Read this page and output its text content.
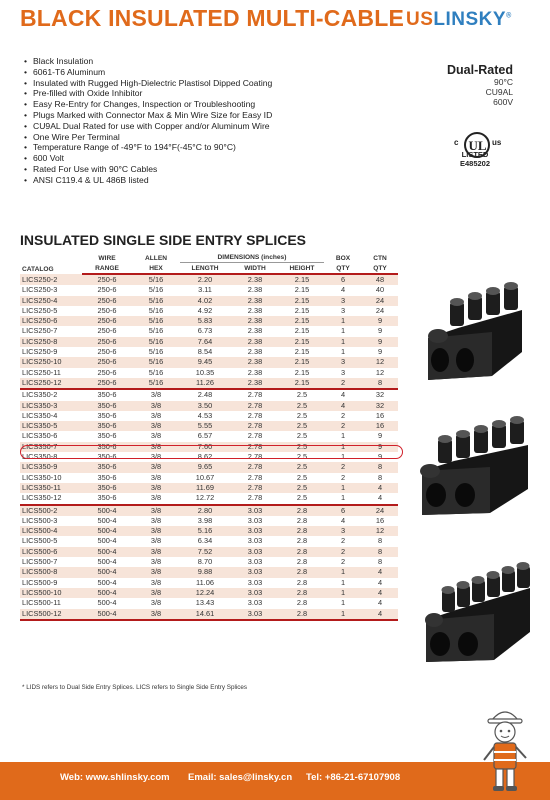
BLACK INSULATED MULTI-CABLE USLINSKY®
• Black Insulation
• 6061-T6 Aluminum
• Insulated with Rugged High-Dielectric Plastisol Dipped Coating
• Pre-filled with Oxide Inhibitor
• Easy Re-Entry for Changes, Inspection or Troubleshooting
• Plugs Marked with Connector Max & Min Wire Size for Easy ID
• CU9AL Dual Rated for use with Copper and/or Aluminum Wire
• One Wire Per Terminal
• Temperature Range of -49°F to 194°F(-45°C to 90°C)
• 600 Volt
• Rated For Use with 90°C Cables
• ANSI C119.4 & UL 486B listed
Dual-Rated
90°C
CU9AL
600V
c UL us
LISTED
E485202
INSULATED SINGLE SIDE ENTRY SPLICES
CATALOG	WIRE	ALLEN	DIMENSIONS (inches)			BOX	CTN
	RANGE	HEX	LENGTH	WIDTH	HEIGHT	QTY	QTY
LICS250-2	250-6	5/16	2.20	2.38	2.15	6	48
LICS250-3	250-6	5/16	3.11	2.38	2.15	4	40
LICS250-4	250-6	5/16	4.02	2.38	2.15	3	24
LICS250-5	250-6	5/16	4.92	2.38	2.15	3	24
LICS250-6	250-6	5/16	5.83	2.38	2.15	1	9
LICS250-7	250-6	5/16	6.73	2.38	2.15	1	9
LICS250-8	250-6	5/16	7.64	2.38	2.15	1	9
LICS250-9	250-6	5/16	8.54	2.38	2.15	1	9
LICS250-10	250-6	5/16	9.45	2.38	2.15	3	12
LICS250-11	250-6	5/16	10.35	2.38	2.15	3	12
LICS250-12	250-6	5/16	11.26	2.38	2.15	2	8
LICS350-2	350-6	3/8	2.48	2.78	2.5	4	32
LICS350-3	350-6	3/8	3.50	2.78	2.5	4	32
LICS350-4	350-6	3/8	4.53	2.78	2.5	2	16
LICS350-5	350-6	3/8	5.55	2.78	2.5	2	16
LICS350-6	350-6	3/8	6.57	2.78	2.5	1	9
LICS350-7	350-6	3/8	7.60	2.78	2.5	1	9
LICS350-8	350-6	3/8	8.62	2.78	2.5	1	9
LICS350-9	350-6	3/8	9.65	2.78	2.5	2	8
LICS350-10	350-6	3/8	10.67	2.78	2.5	2	8
LICS350-11	350-6	3/8	11.69	2.78	2.5	1	4
LICS350-12	350-6	3/8	12.72	2.78	2.5	1	4
LICS500-2	500-4	3/8	2.80	3.03	2.8	6	24
LICS500-3	500-4	3/8	3.98	3.03	2.8	4	16
LICS500-4	500-4	3/8	5.16	3.03	2.8	3	12
LICS500-5	500-4	3/8	6.34	3.03	2.8	2	8
LICS500-6	500-4	3/8	7.52	3.03	2.8	2	8
LICS500-7	500-4	3/8	8.70	3.03	2.8	2	8
LICS500-8	500-4	3/8	9.88	3.03	2.8	1	4
LICS500-9	500-4	3/8	11.06	3.03	2.8	1	4
LICS500-10	500-4	3/8	12.24	3.03	2.8	1	4
LICS500-11	500-4	3/8	13.43	3.03	2.8	1	4
LICS500-12	500-4	3/8	14.61	3.03	2.8	1	4
* LIDS refers to Dual Side Entry Splices. LICS refers to Single Side Entry Splices
Web: www.shlinsky.com Email: sales@linsky.cn Tel: +86-21-67107908
